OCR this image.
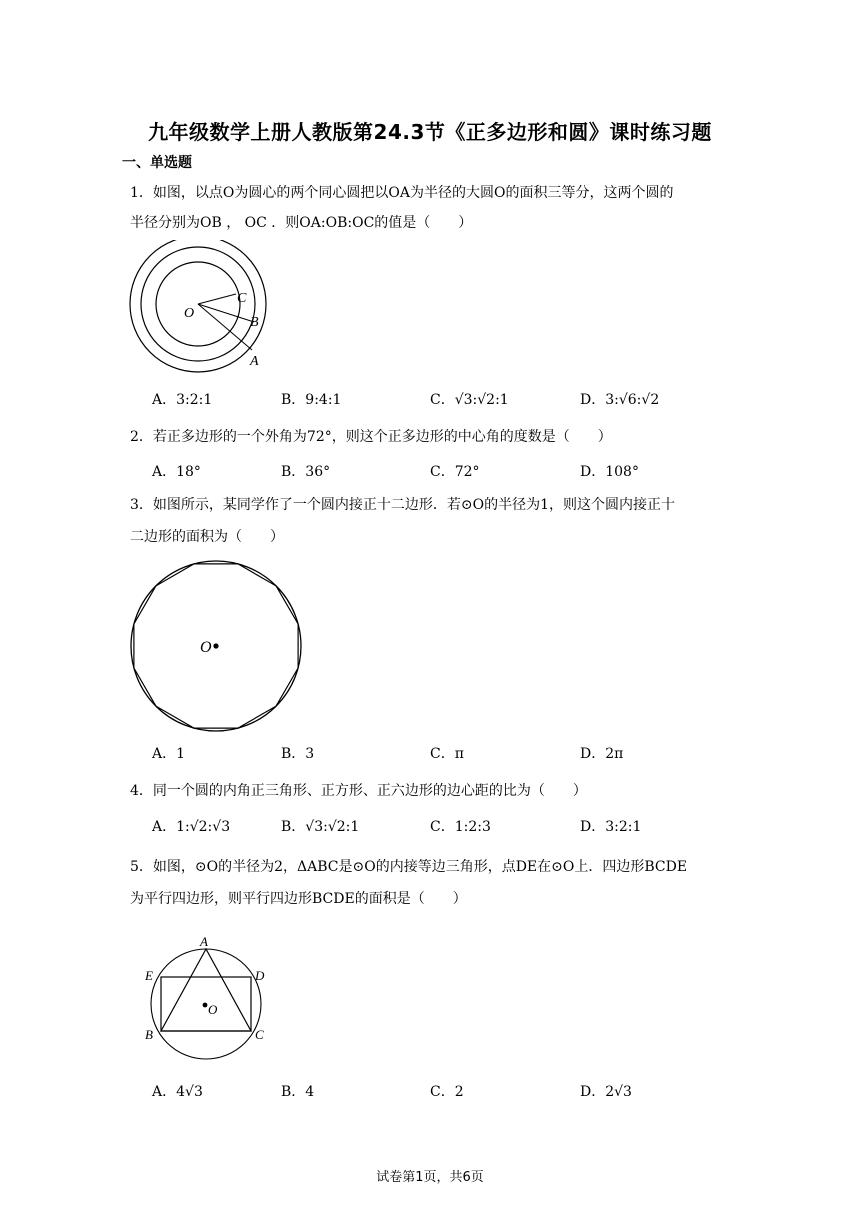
九年级数学上册人教版第24.3节《正多边形和圆》课时练习题
一、单选题
1．如图，以点O为圆心的两个同心圆把以OA为半径的大圆O的面积三等分，这两个圆的
半径分别为OB ， OC ．则OA:OB:OC的值是（　　）
O
C
B
A
A．3:2:1	B．9:4:1	C．√3:√2:1	D．3:√6:√2
2．若正多边形的一个外角为72°，则这个正多边形的中心角的度数是（　　）
A．18°	B．36°	C．72°	D．108°
3．如图所示，某同学作了一个圆内接正十二边形．若⊙O的半径为1，则这个圆内接正十
二边形的面积为（　　）
O
A．1	B．3	C．π	D．2π
4．同一个圆的内角正三角形、正方形、正六边形的边心距的比为（　　）
A．1:√2:√3	B．√3:√2:1	C．1:2:3	D．3:2:1
5．如图，⊙O的半径为2，ΔABC是⊙O的内接等边三角形，点DE在⊙O上．四边形BCDE
为平行四边形，则平行四边形BCDE的面积是（　　）
A
E	D
O
B	C
A．4√3	B．4	C．2	D．2√3
试卷第1页，共6页
